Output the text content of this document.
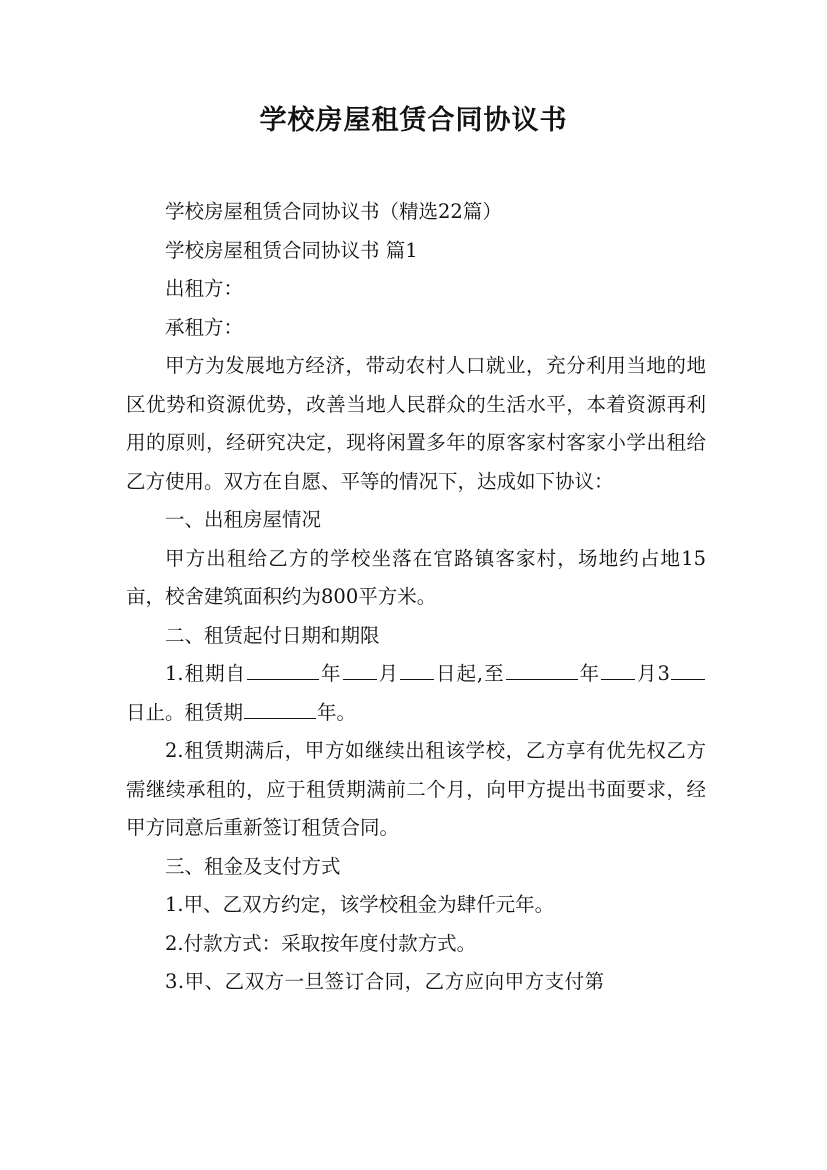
学校房屋租赁合同协议书

学校房屋租赁合同协议书（精选22篇）

学校房屋租赁合同协议书 篇1

出租方：

承租方：

甲方为发展地方经济，带动农村人口就业，充分利用当地的地区优势和资源优势，改善当地人民群众的生活水平，本着资源再利用的原则，经研究决定，现将闲置多年的原客家村客家小学出租给乙方使用。双方在自愿、平等的情况下，达成如下协议：

一、出租房屋情况

甲方出租给乙方的学校坐落在官路镇客家村，场地约占地15亩，校舍建筑面积约为800平方米。

二、租赁起付日期和期限

1.租期自	年 月 日起,至	年 月3日止。租赁期	年。

2.租赁期满后，甲方如继续出租该学校，乙方享有优先权乙方需继续承租的，应于租赁期满前二个月，向甲方提出书面要求，经甲方同意后重新签订租赁合同。

三、租金及支付方式

1.甲、乙双方约定，该学校租金为肆仟元年。

2.付款方式：采取按年度付款方式。

3.甲、乙双方一旦签订合同，乙方应向甲方支付第
